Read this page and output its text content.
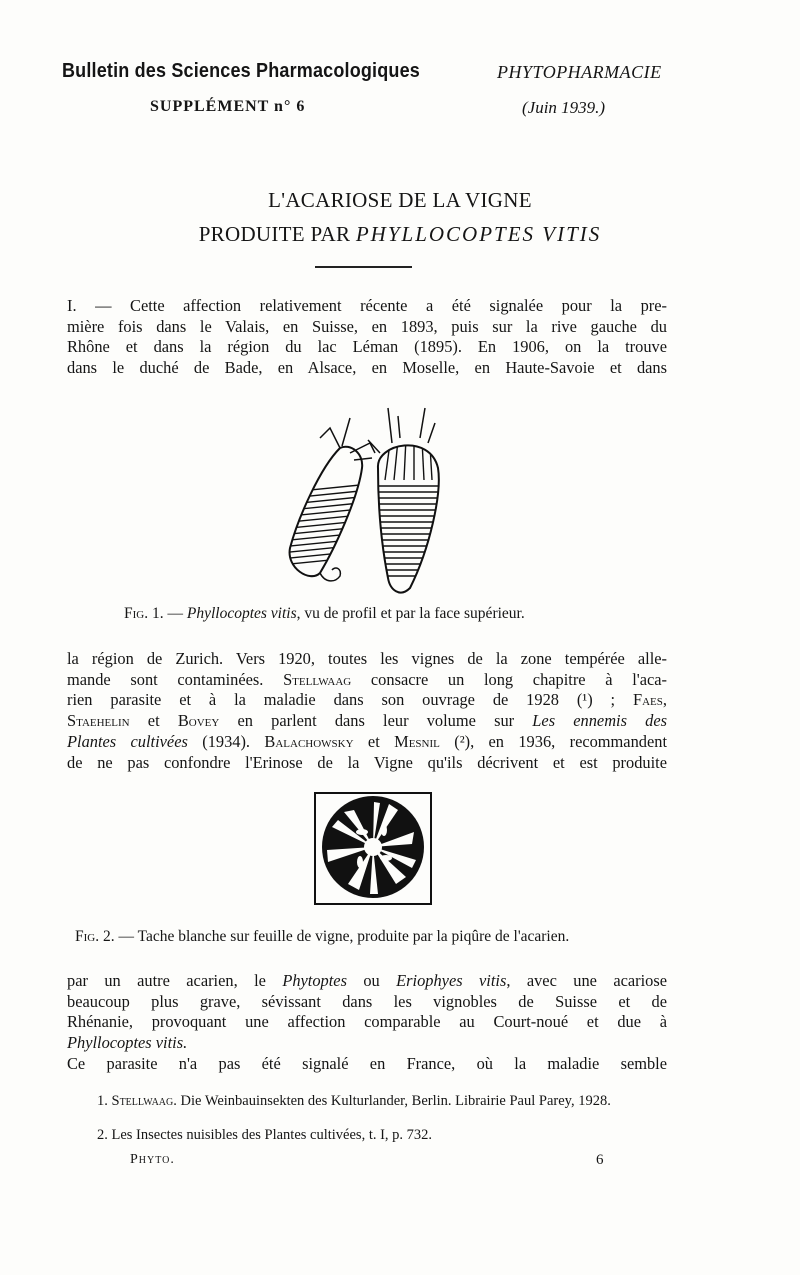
Bulletin des Sciences Pharmacologiques	PHYTOPHARMACIE
SUPPLÉMENT n° 6	(Juin 1939.)
L'ACARIOSE DE LA VIGNE
PRODUITE PAR PHYLLOCOPTES VITIS
I. — Cette affection relativement récente a été signalée pour la pre-
mière fois dans le Valais, en Suisse, en 1893, puis sur la rive gauche du
Rhône et dans la région du lac Léman (1895). En 1906, on la trouve
dans le duché de Bade, en Alsace, en Moselle, en Haute-Savoie et dans
Fig. 1. — Phyllocoptes vitis, vu de profil et par la face supérieur.
la région de Zurich. Vers 1920, toutes les vignes de la zone tempérée alle-
mande sont contaminées. Stellwaag consacre un long chapitre à l'aca-
rien parasite et à la maladie dans son ouvrage de 1928 (¹) ; Faes,
Staehelin et Bovey en parlent dans leur volume sur Les ennemis des
Plantes cultivées (1934). Balachowsky et Mesnil (²), en 1936, recommandent
de ne pas confondre l'Erinose de la Vigne qu'ils décrivent et est produite
Fig. 2. — Tache blanche sur feuille de vigne, produite par la piqûre de l'acarien.
par un autre acarien, le Phytoptes ou Eriophyes vitis, avec une acariose
beaucoup plus grave, sévissant dans les vignobles de Suisse et de
Rhénanie, provoquant une affection comparable au Court-noué et due à
Phyllocoptes vitis.
Ce parasite n'a pas été signalé en France, où la maladie semble
1. Stellwaag. Die Weinbauinsekten des Kulturlander, Berlin. Librairie Paul Parey, 1928.
2. Les Insectes nuisibles des Plantes cultivées, t. I, p. 732.
Phyto.	6
